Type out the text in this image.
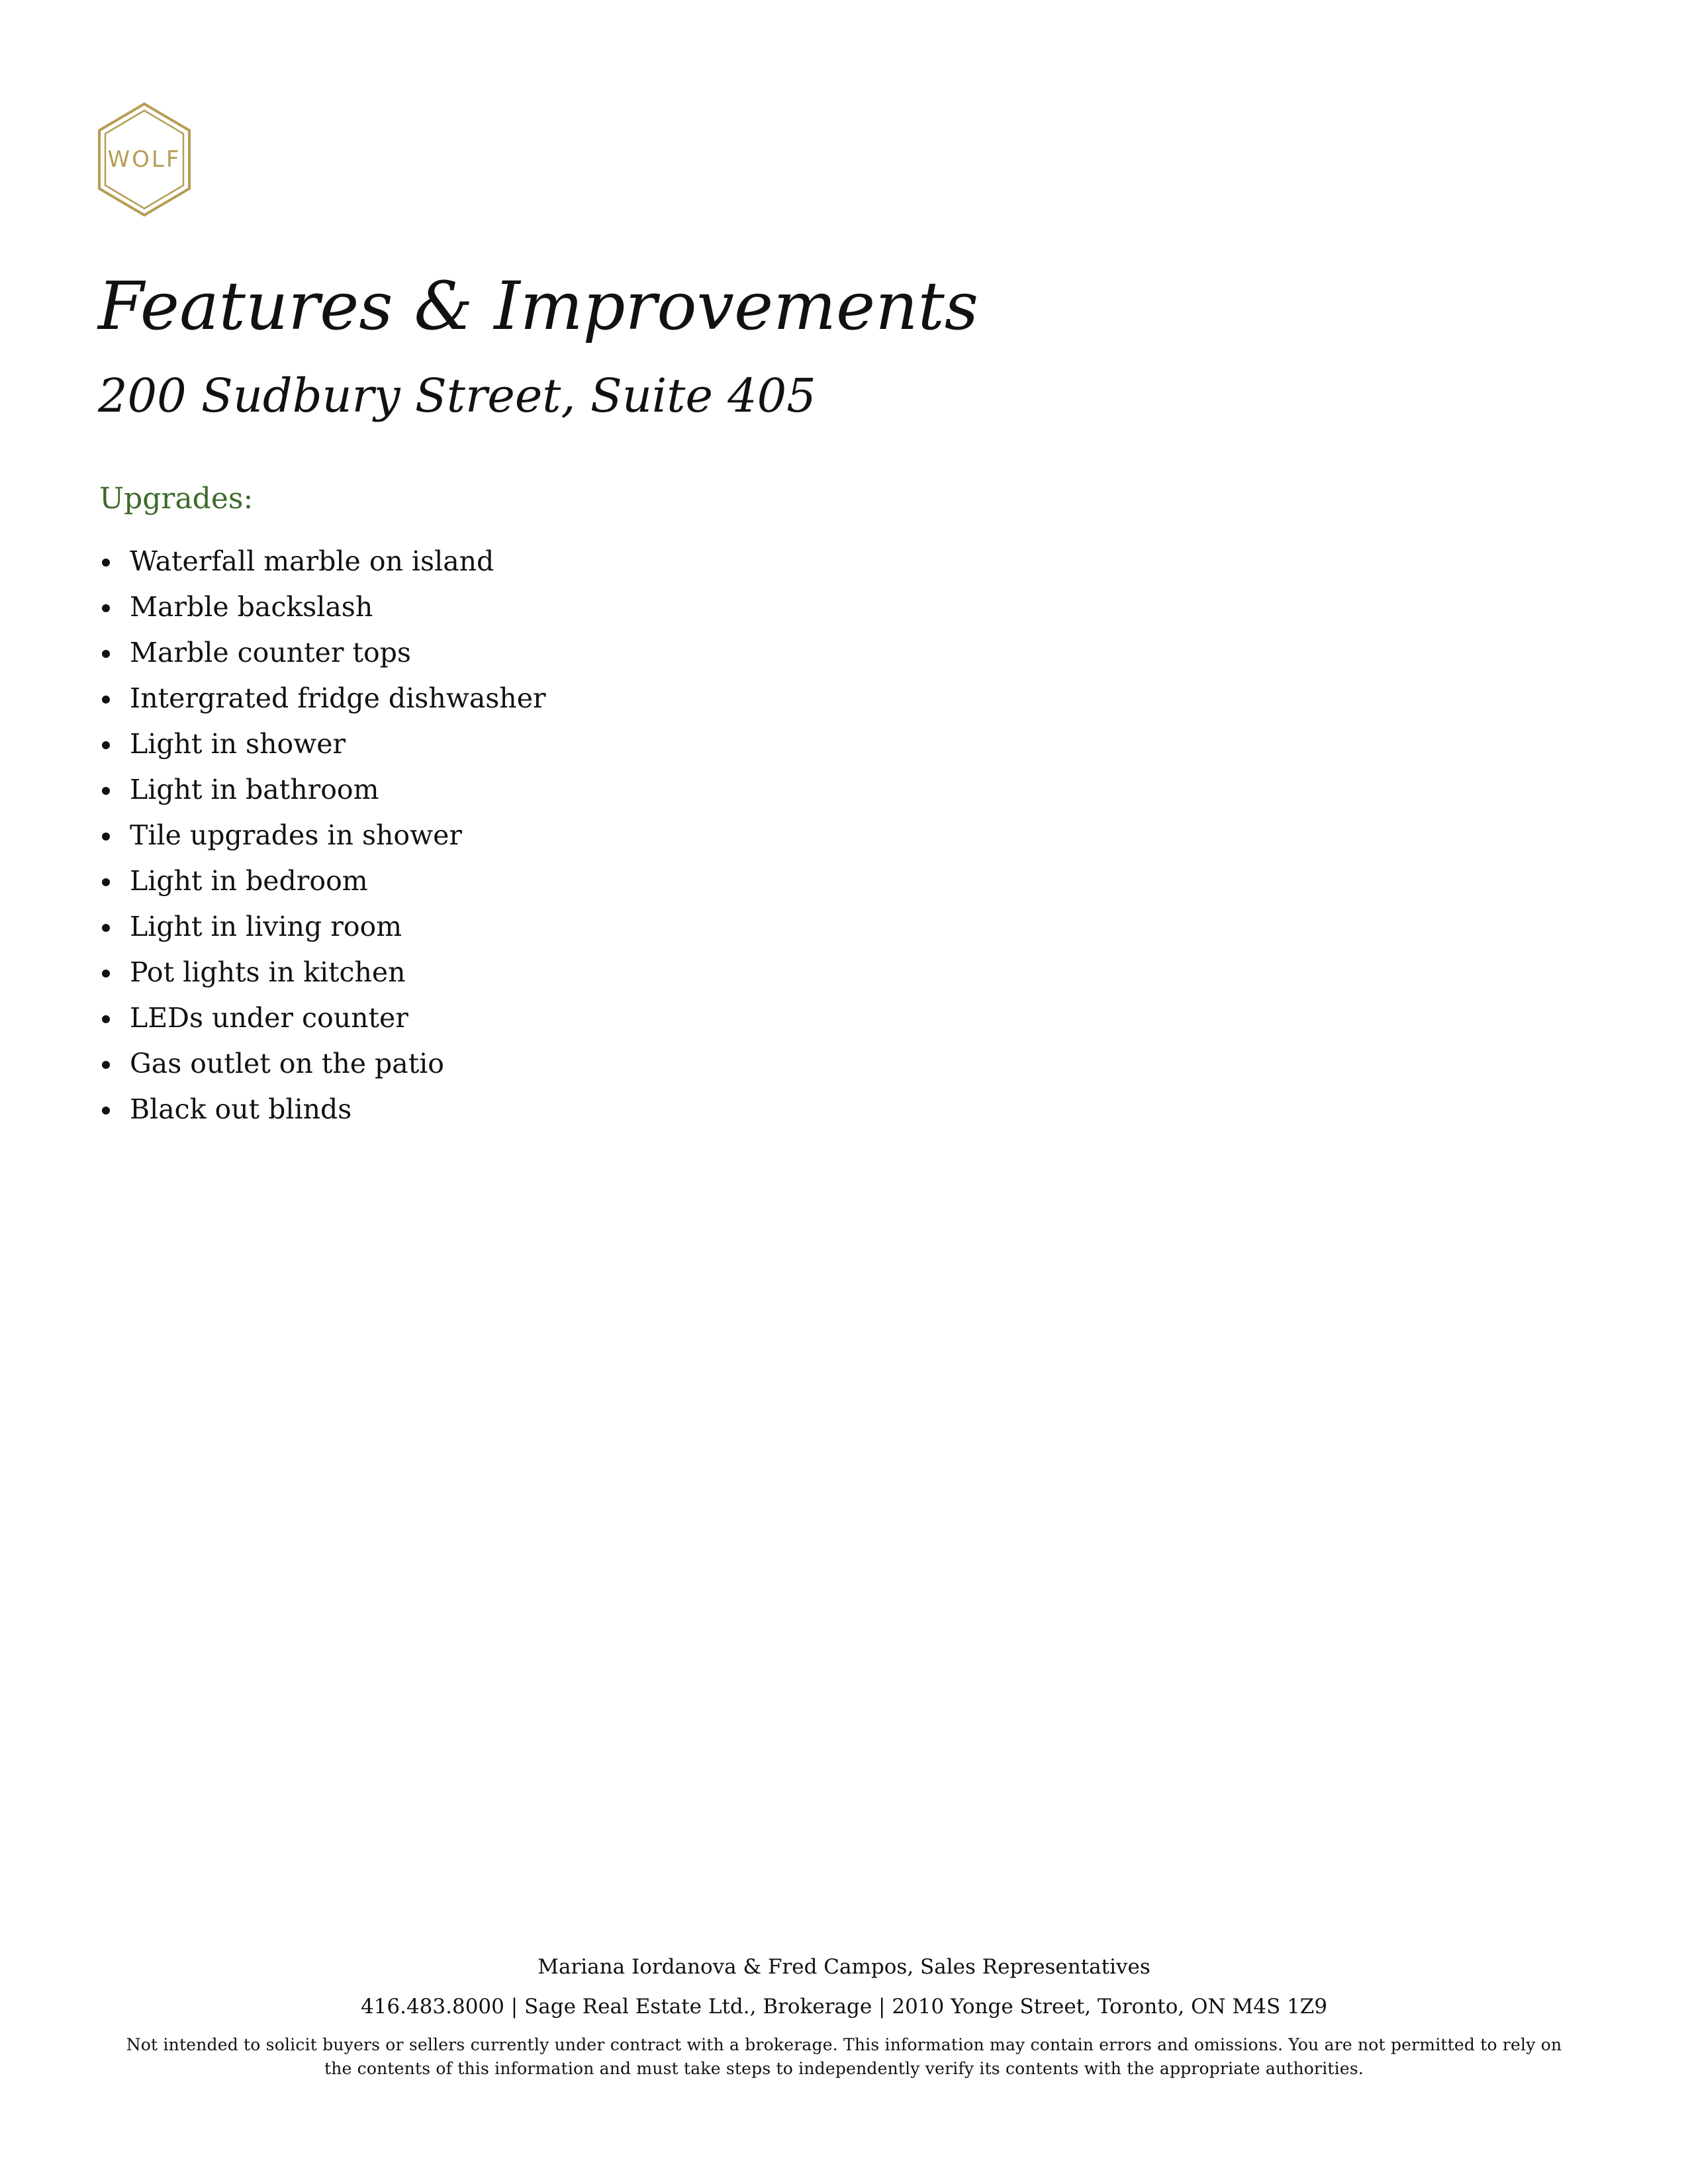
WOLF
Features & Improvements
200 Sudbury Street, Suite 405
Upgrades:
Waterfall marble on island
Marble backslash
Marble counter tops
Intergrated fridge dishwasher
Light in shower
Light in bathroom
Tile upgrades in shower
Light in bedroom
Light in living room
Pot lights in kitchen
LEDs under counter
Gas outlet on the patio
Black out blinds

Mariana Iordanova & Fred Campos, Sales Representatives

416.483.8000 | Sage Real Estate Ltd., Brokerage | 2010 Yonge Street, Toronto, ON M4S 1Z9

Not intended to solicit buyers or sellers currently under contract with a brokerage. This information may contain errors and omissions. You are not permitted to rely on
the contents of this information and must take steps to independently verify its contents with the appropriate authorities.
